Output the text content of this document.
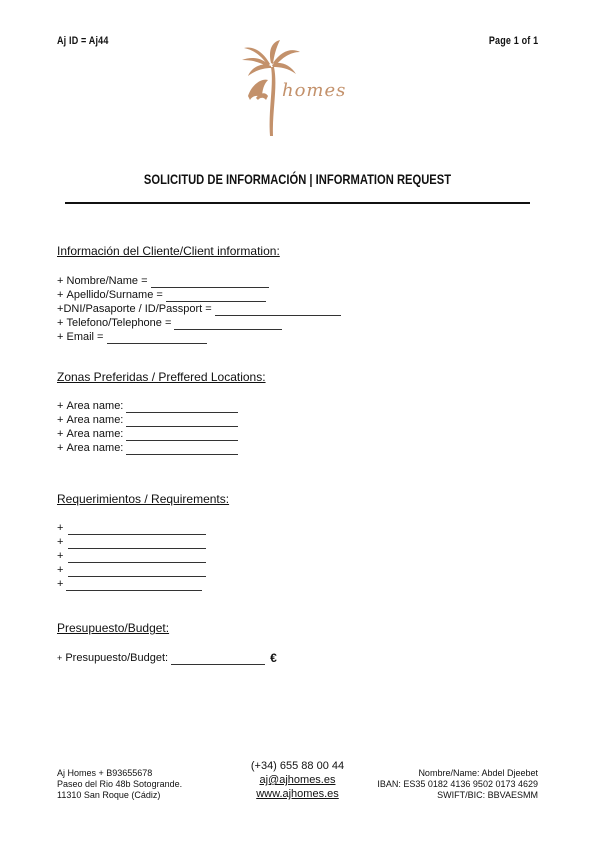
Aj ID = Aj44	Page 1 of 1
homes
SOLICITUD DE INFORMACIÓN | INFORMATION REQUEST
Información del Cliente/Client information:
+
Nombre/Name =
+
Apellido/Surname =
+ DNI/Pasaporte / ID/Passport =
+
Telefono/Telephone =
+
Email =
Zonas Preferidas / Preffered Locations:
+
Area name:
+
Area name:
+
Area name:
+
Area name:
Requerimientos / Requirements:
+
+
+
+
+
Presupuesto/Budget:
+
Presupuesto/Budget:	€
Aj Homes + B93655678
Paseo del Rio 48b Sotogrande.
11310 San Roque (Cádiz)
(+34) 655 88 00 44
aj@ajhomes.es
www.ajhomes.es
Nombre/Name: Abdel Djeebet
IBAN: ES35 0182 4136 9502 0173 4629
SWIFT/BIC: BBVAESMM
